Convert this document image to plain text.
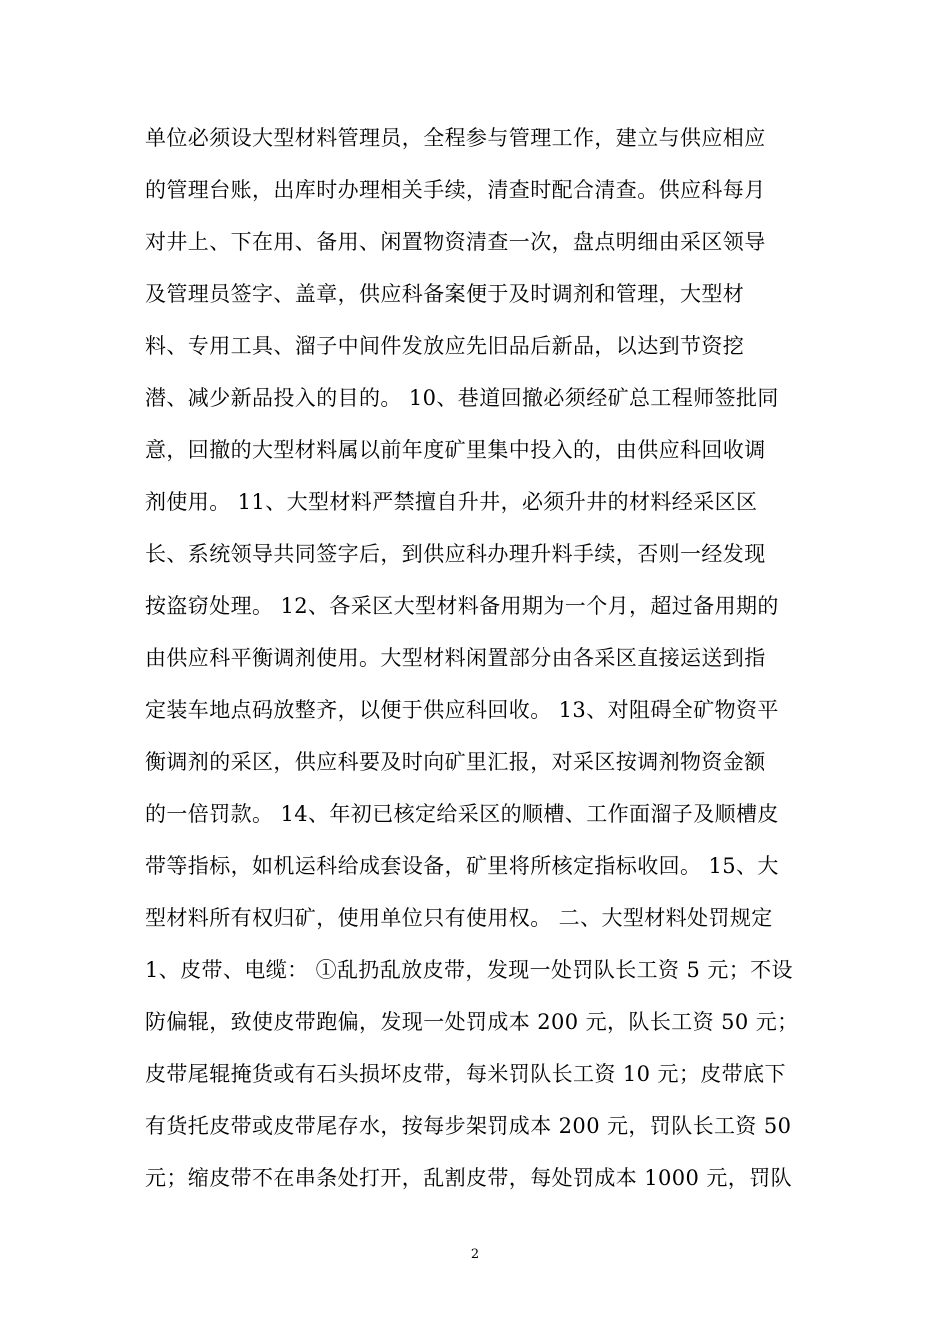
单位必须设大型材料管理员，全程参与管理工作，建立与供应相应
的管理台账，出库时办理相关手续，清查时配合清查。供应科每月
对井上、下在用、备用、闲置物资清查一次，盘点明细由采区领导
及管理员签字、盖章，供应科备案便于及时调剂和管理，大型材
料、专用工具、溜子中间件发放应先旧品后新品，以达到节资挖
潜、减少新品投入的目的。 10、巷道回撤必须经矿总工程师签批同
意，回撤的大型材料属以前年度矿里集中投入的，由供应科回收调
剂使用。 11、大型材料严禁擅自升井，必须升井的材料经采区区
长、系统领导共同签字后，到供应科办理升料手续，否则一经发现
按盗窃处理。 12、各采区大型材料备用期为一个月，超过备用期的
由供应科平衡调剂使用。大型材料闲置部分由各采区直接运送到指
定装车地点码放整齐，以便于供应科回收。 13、对阻碍全矿物资平
衡调剂的采区，供应科要及时向矿里汇报，对采区按调剂物资金额
的一倍罚款。 14、年初已核定给采区的顺槽、工作面溜子及顺槽皮
带等指标，如机运科给成套设备，矿里将所核定指标收回。 15、大
型材料所有权归矿，使用单位只有使用权。 二、大型材料处罚规定
1、皮带、电缆： ①乱扔乱放皮带，发现一处罚队长工资 5 元；不设
防偏辊，致使皮带跑偏，发现一处罚成本 200 元，队长工资 50 元；
皮带尾辊掩货或有石头损坏皮带，每米罚队长工资 10 元；皮带底下
有货托皮带或皮带尾存水，按每步架罚成本 200 元，罚队长工资 50
元；缩皮带不在串条处打开，乱割皮带，每处罚成本 1000 元，罚队
2
